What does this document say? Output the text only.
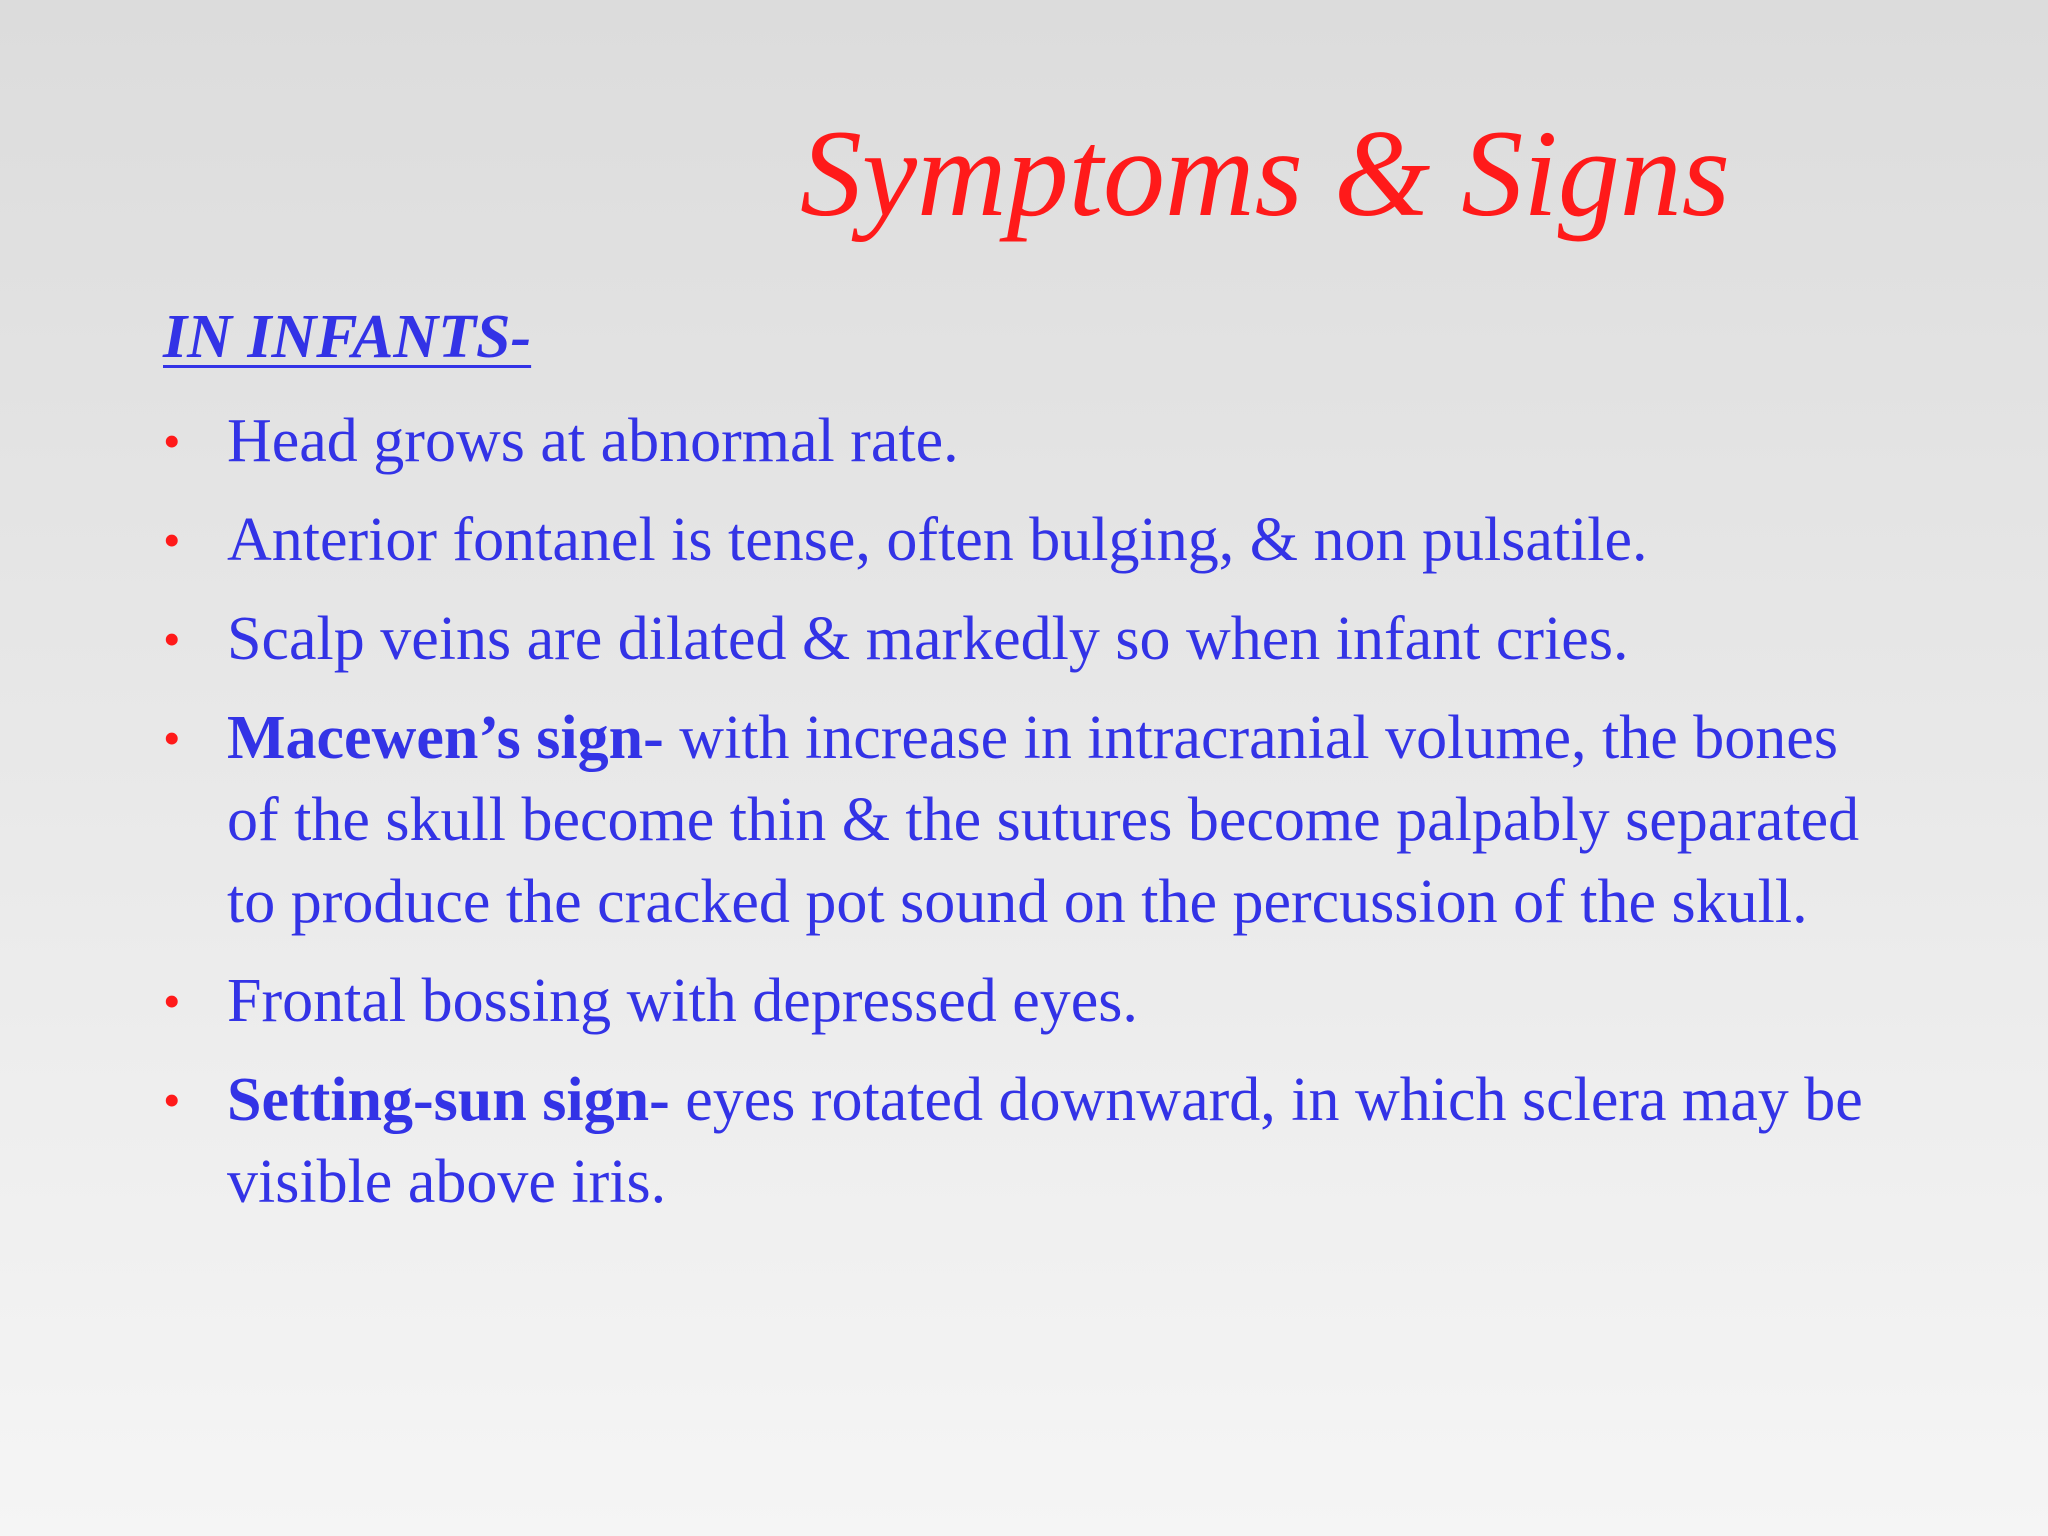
Symptoms & Signs
IN INFANTS-
• Head grows at abnormal rate.
• Anterior fontanel is tense, often bulging, & non pulsatile.
• Scalp veins are dilated & markedly so when infant cries.
• Macewen’s sign- with increase in intracranial volume, the bones of the skull become thin & the sutures become palpably separated to produce the cracked pot sound on the percussion of the skull.
• Frontal bossing with depressed eyes.
• Setting-sun sign- eyes rotated downward, in which sclera may be visible above iris.
